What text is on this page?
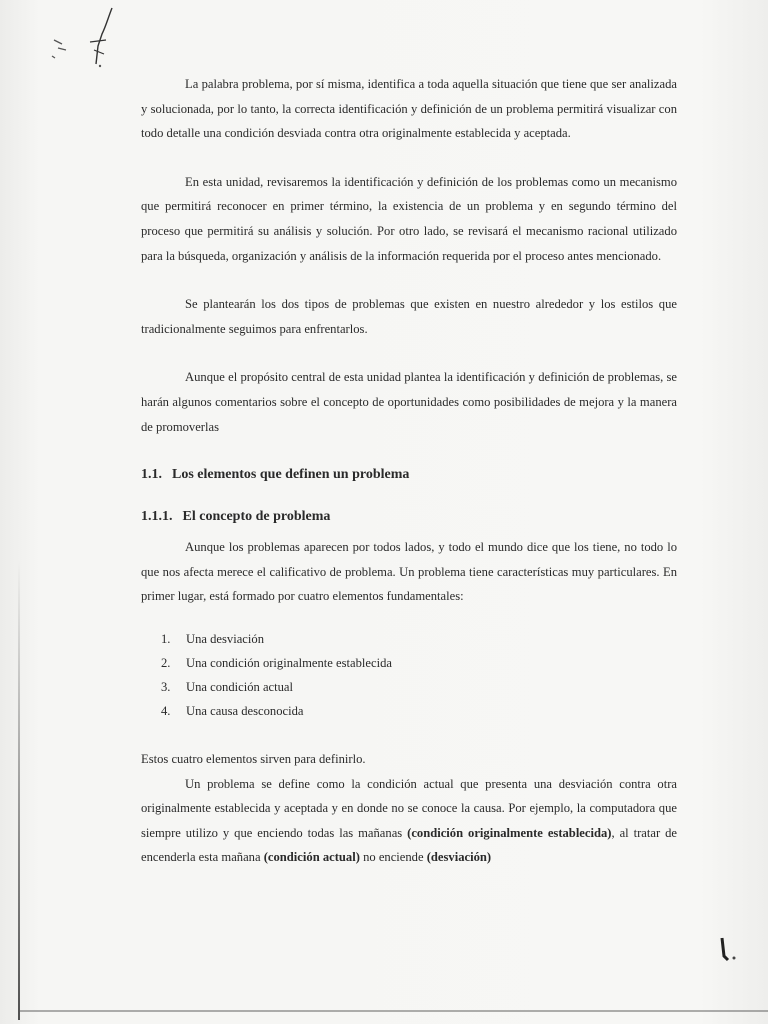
La palabra problema, por sí misma, identifica a toda aquella situación que tiene que ser analizada y solucionada, por lo tanto, la correcta identificación y definición de un problema permitirá visualizar con todo detalle una condición desviada contra otra originalmente establecida y aceptada.

En esta unidad, revisaremos la identificación y definición de los problemas como un mecanismo que permitirá reconocer en primer término, la existencia de un problema y en segundo término del proceso que permitirá su análisis y solución. Por otro lado, se revisará el mecanismo racional utilizado para la búsqueda, organización y análisis de la información requerida por el proceso antes mencionado.

Se plantearán los dos tipos de problemas que existen en nuestro alrededor y los estilos que tradicionalmente seguimos para enfrentarlos.

Aunque el propósito central de esta unidad plantea la identificación y definición de problemas, se harán algunos comentarios sobre el concepto de oportunidades como posibilidades de mejora y la manera de promoverlas

1.1. Los elementos que definen un problema
1.1.1. El concepto de problema

Aunque los problemas aparecen por todos lados, y todo el mundo dice que los tiene, no todo lo que nos afecta merece el calificativo de problema. Un problema tiene características muy particulares. En primer lugar, está formado por cuatro elementos fundamentales:

1. Una desviación
2. Una condición originalmente establecida
3. Una condición actual
4. Una causa desconocida

Estos cuatro elementos sirven para definirlo.

Un problema se define como la condición actual que presenta una desviación contra otra originalmente establecida y aceptada y en donde no se conoce la causa. Por ejemplo, la computadora que siempre utilizo y que enciendo todas las mañanas (condición originalmente establecida), al tratar de encenderla esta mañana (condición actual) no enciende (desviación)
